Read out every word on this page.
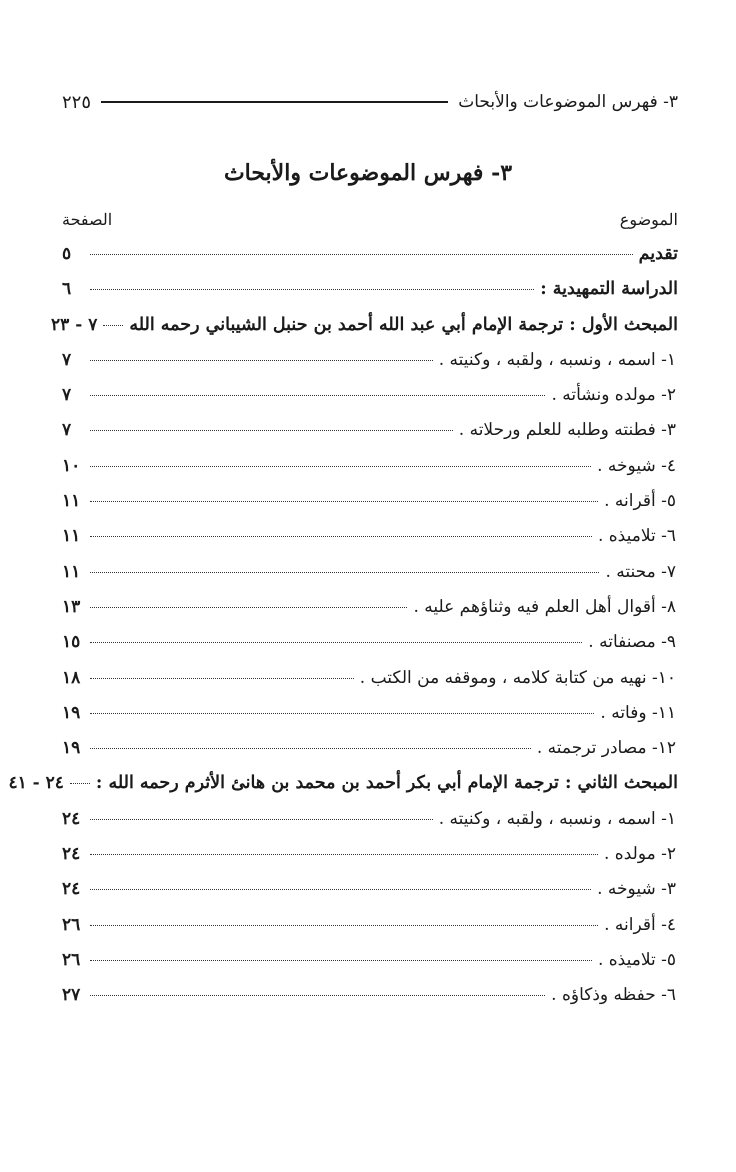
٣- فهرس الموضوعات والأبحاث
٢٢٥
٣- فهرس الموضوعات والأبحاث
الموضوع
الصفحة
تقديم
٥
الدراسة التمهيدية :
٦
المبحث الأول : ترجمة الإمام أبي عبد الله أحمد بن حنبل الشيباني رحمه الله
٧ - ٢٣
١- اسمه ، ونسبه ، ولقبه ، وكنيته .
٧
٢- مولده ونشأته .
٧
٣- فطنته وطلبه للعلم ورحلاته .
٧
٤- شيوخه .
١٠
٥- أقرانه .
١١
٦- تلاميذه .
١١
٧- محنته .
١١
٨- أقوال أهل العلم فيه وثناؤهم عليه .
١٣
٩- مصنفاته .
١٥
١٠- نهيه من كتابة كلامه ، وموقفه من الكتب .
١٨
١١- وفاته .
١٩
١٢- مصادر ترجمته .
١٩
المبحث الثاني : ترجمة الإمام أبي بكر أحمد بن محمد بن هانئ الأثرم رحمه الله :
٢٤ - ٤١
١- اسمه ، ونسبه ، ولقبه ، وكنيته .
٢٤
٢- مولده .
٢٤
٣- شيوخه .
٢٤
٤- أقرانه .
٢٦
٥- تلاميذه .
٢٦
٦- حفظه وذكاؤه .
٢٧
